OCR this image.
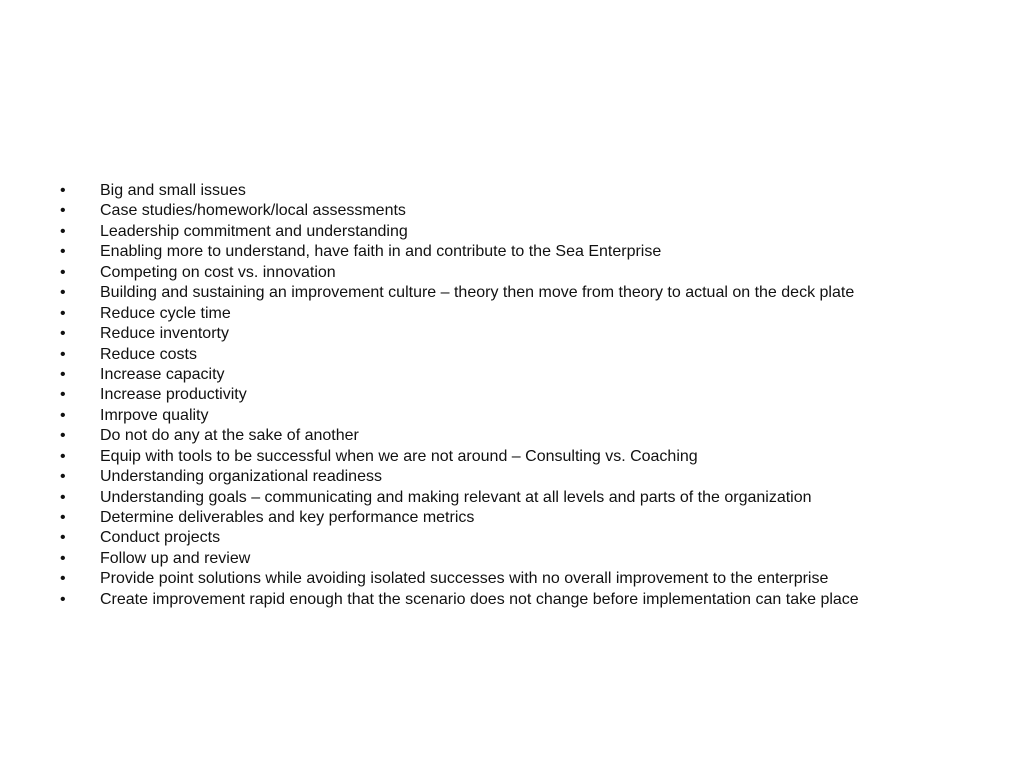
•	Big and small issues
•	Case studies/homework/local assessments
•	Leadership commitment and understanding
•	Enabling more to understand, have faith in and contribute to the Sea Enterprise
•	Competing on cost vs. innovation
•	Building and sustaining an improvement culture – theory then move from theory to actual on the deck plate
•	Reduce cycle time
•	Reduce inventorty
•	Reduce costs
•	Increase capacity
•	Increase productivity
•	Imrpove quality
•	Do not do any at the sake of another
•	Equip with tools to be successful when we are not around – Consulting vs. Coaching
•	Understanding organizational readiness
•	Understanding goals – communicating and making relevant at all levels and parts of the organization
•	Determine deliverables and key performance metrics
•	Conduct projects
•	Follow up and review
•	Provide point solutions while avoiding isolated successes with no overall improvement to the enterprise
•	Create improvement rapid enough that the scenario does not change before implementation can take place
